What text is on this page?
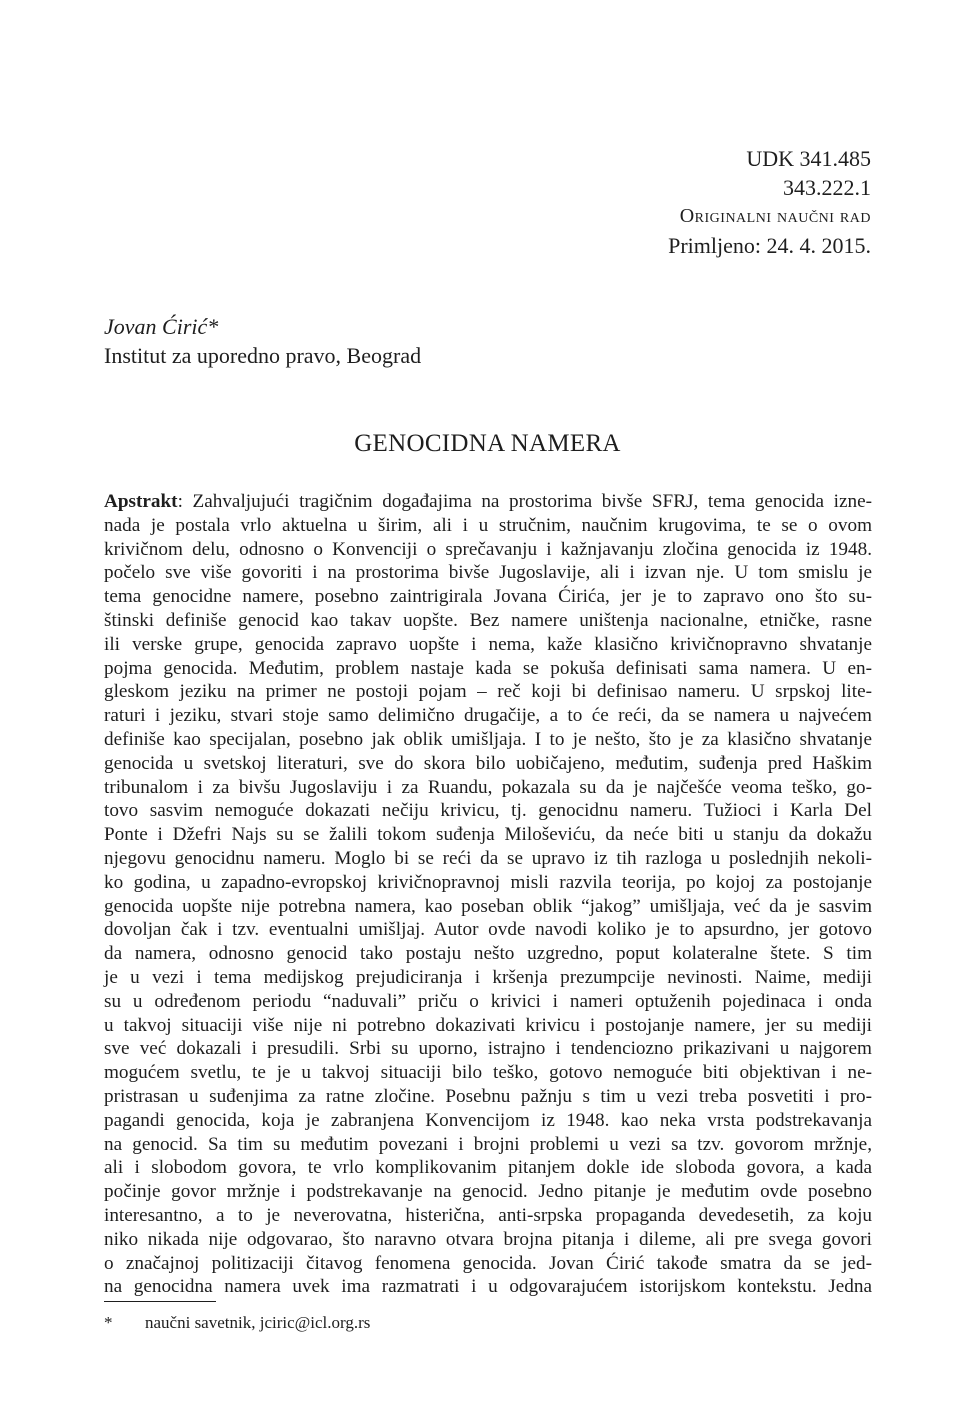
UDK 341.485
343.222.1
Originalni naučni rad
Primljeno: 24. 4. 2015.
Jovan Ćirić*
Institut za uporedno pravo, Beograd
GENOCIDNA NAMERA
Apstrakt: Zahvaljujući tragičnim događajima na prostorima bivše SFRJ, tema genocida izne-
nada je postala vrlo aktuelna u širim, ali i u stručnim, naučnim krugovima, te se o ovom
krivičnom delu, odnosno o Konvenciji o sprečavanju i kažnjavanju zločina genocida iz 1948.
počelo sve više govoriti i na prostorima bivše Jugoslavije, ali i izvan nje. U tom smislu je
tema genocidne namere, posebno zaintrigirala Jovana Ćirića, jer je to zapravo ono što su-
štinski definiše genocid kao takav uopšte. Bez namere uništenja nacionalne, etničke, rasne
ili verske grupe, genocida zapravo uopšte i nema, kaže klasično krivičnopravno shvatanje
pojma genocida. Međutim, problem nastaje kada se pokuša definisati sama namera. U en-
gleskom jeziku na primer ne postoji pojam – reč koji bi definisao nameru. U srpskoj lite-
raturi i jeziku, stvari stoje samo delimično drugačije, a to će reći, da se namera u najvećem
definiše kao specijalan, posebno jak oblik umišljaja. I to je nešto, što je za klasično shvatanje
genocida u svetskoj literaturi, sve do skora bilo uobičajeno, međutim, suđenja pred Haškim
tribunalom i za bivšu Jugoslaviju i za Ruandu, pokazala su da je najčešće veoma teško, go-
tovo sasvim nemoguće dokazati nečiju krivicu, tj. genocidnu nameru. Tužioci i Karla Del
Ponte i Džefri Najs su se žalili tokom suđenja Miloševiću, da neće biti u stanju da dokažu
njegovu genocidnu nameru. Moglo bi se reći da se upravo iz tih razloga u poslednjih nekoli-
ko godina, u zapadno-evropskoj krivičnopravnoj misli razvila teorija, po kojoj za postojanje
genocida uopšte nije potrebna namera, kao poseban oblik “jakog” umišljaja, već da je sasvim
dovoljan čak i tzv. eventualni umišljaj. Autor ovde navodi koliko je to apsurdno, jer gotovo
da namera, odnosno genocid tako postaju nešto uzgredno, poput kolateralne štete. S tim
je u vezi i tema medijskog prejudiciranja i kršenja prezumpcije nevinosti. Naime, mediji
su u određenom periodu “naduvali” priču o krivici i nameri optuženih pojedinaca i onda
u takvoj situaciji više nije ni potrebno dokazivati krivicu i postojanje namere, jer su mediji
sve već dokazali i presudili. Srbi su uporno, istrajno i tendenciozno prikazivani u najgorem
mogućem svetlu, te je u takvoj situaciji bilo teško, gotovo nemoguće biti objektivan i ne-
pristrasan u suđenjima za ratne zločine. Posebnu pažnju s tim u vezi treba posvetiti i pro-
pagandi genocida, koja je zabranjena Konvencijom iz 1948. kao neka vrsta podstrekavanja
na genocid. Sa tim su međutim povezani i brojni problemi u vezi sa tzv. govorom mržnje,
ali i slobodom govora, te vrlo komplikovanim pitanjem dokle ide sloboda govora, a kada
počinje govor mržnje i podstrekavanje na genocid. Jedno pitanje je međutim ovde posebno
interesantno, a to je neverovatna, histerična, anti-srpska propaganda devedesetih, za koju
niko nikada nije odgovarao, što naravno otvara brojna pitanja i dileme, ali pre svega govori
o značajnoj politizaciji čitavog fenomena genocida. Jovan Ćirić takođe smatra da se jed-
na genocidna namera uvek ima razmatrati i u odgovarajućem istorijskom kontekstu. Jedna
* naučni savetnik, jciric@icl.org.rs
